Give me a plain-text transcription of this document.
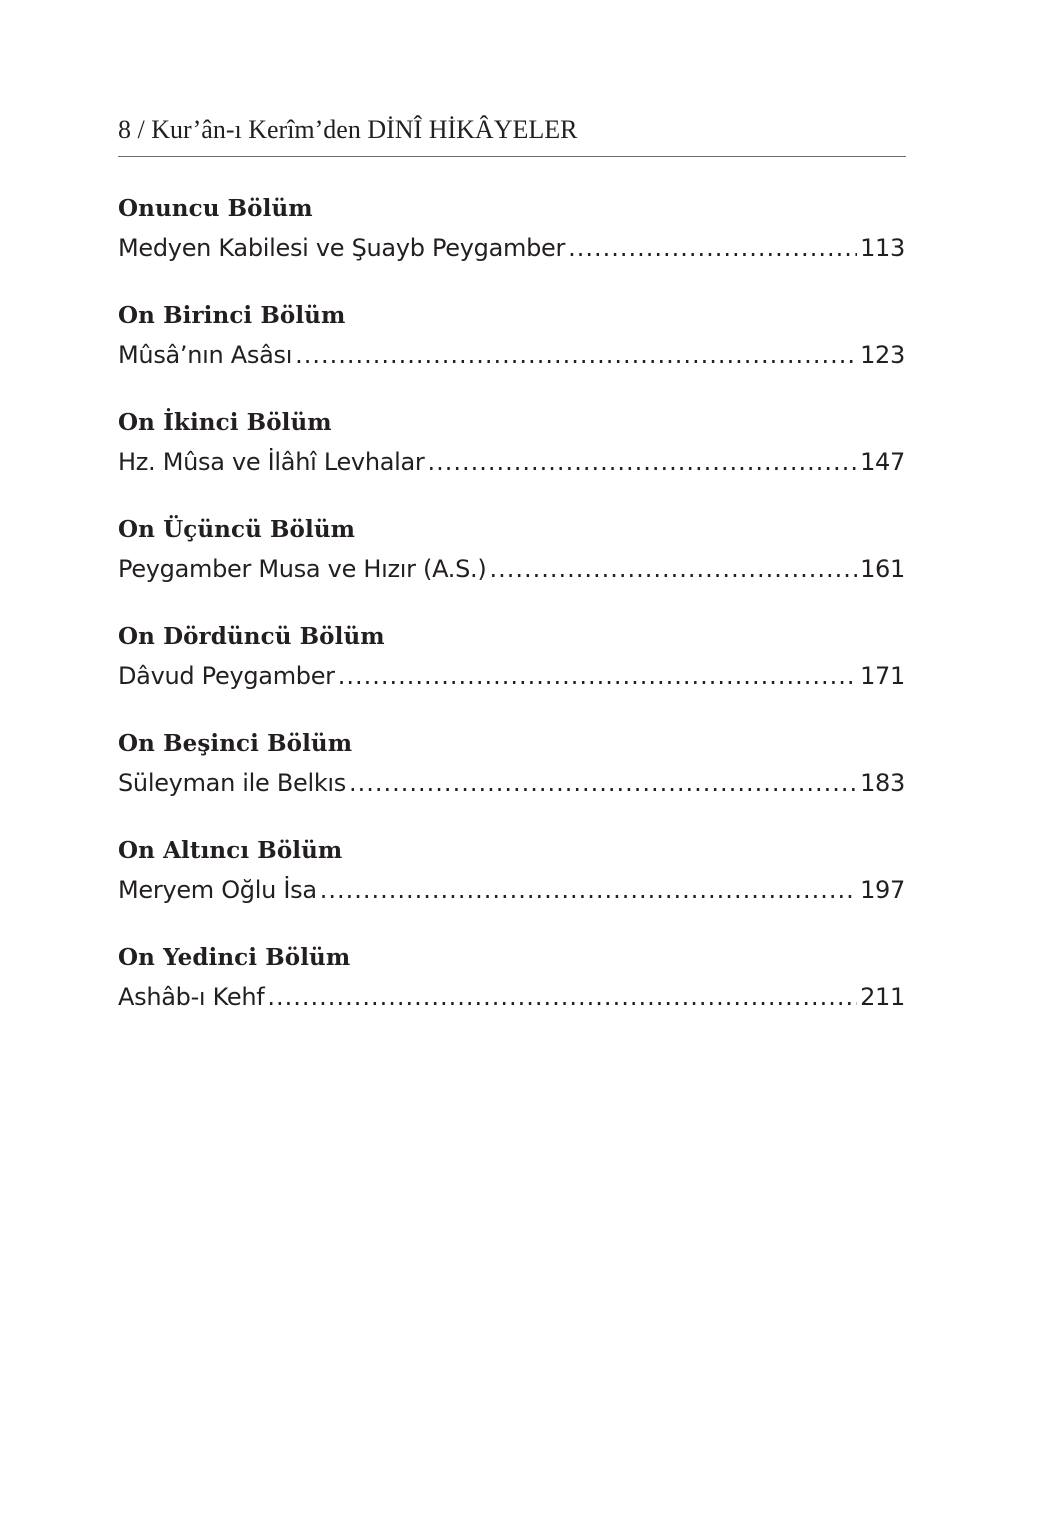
8 / Kur’ân-ı Kerîm’den DİNÎ HİKÂYELER
Onuncu Bölüm
Medyen Kabilesi ve Şuayb Peygamber .....	113
On Birinci Bölüm
Mûsâ’nın Asâsı .....	123
On İkinci Bölüm
Hz. Mûsa ve İlâhî Levhalar .....	147
On Üçüncü Bölüm
Peygamber Musa ve Hızır (A.S.) .....	161
On Dördüncü Bölüm
Dâvud Peygamber .....	171
On Beşinci Bölüm
Süleyman ile Belkıs .....	183
On Altıncı Bölüm
Meryem Oğlu İsa .....	197
On Yedinci Bölüm
Ashâb-ı Kehf .....	211
